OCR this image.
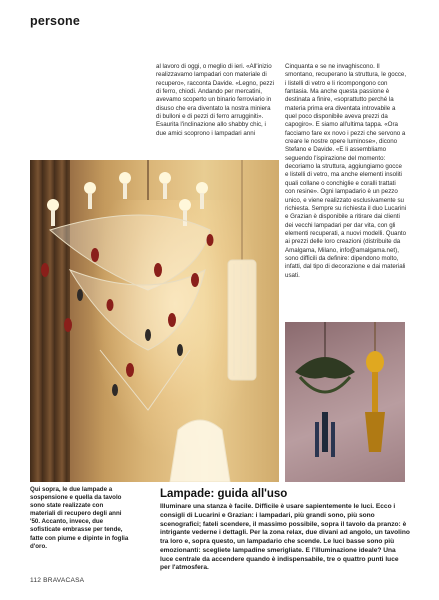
persone

al lavoro di oggi, o meglio di ieri. «All'inizio realizzavamo lampadari con materiale di recupero», racconta Davide. «Legno, pezzi di ferro, chiodi. Andando per mercatini, avevamo scoperto un binario ferroviario in disuso che era diventato la nostra miniera di bulloni e di pezzi di ferro arrugginiti». Esaurita l'inclinazione allo shabby chic, i due amici scoprono i lampadari anni

Cinquanta e se ne invaghiscono. Il smontano, recuperano la struttura, le gocce, i listelli di vetro e li ricompongono con fantasia. Ma anche questa passione è destinata a finire, «soprattutto perché la materia prima era diventata introvabile a quel poco disponibile aveva prezzi da capogiro». E siamo all'ultima tappa. «Ora facciamo fare ex novo i pezzi che servono a creare le nostre opere luminose», dicono Stefano e Davide. «E li assembliamo seguendo l'ispirazione del momento: decoriamo la struttura, aggiungiamo gocce e listelli di vetro, ma anche elementi insoliti quali collane o conchiglie e coralli trattati con resine». Ogni lampadario è un pezzo unico, e viene realizzato esclusivamente su richiesta. Sempre su richiesta il duo Lucarini e Grazian è disponibile a ritirare dai clienti dei vecchi lampadari per dar vita, con gli elementi recuperati, a nuovi modelli. Quanto ai prezzi delle loro creazioni (distribuite da Amalgama, Milano, info@amalgama.net), sono difficili da definire: dipendono molto, infatti, dal tipo di decorazione e dai materiali usati.

Qui sopra, le due lampade a sospensione e quella da tavolo sono state realizzate con materiali di recupero degli anni '50. Accanto, invece, due sofisticate embrasse per tende, fatte con piume e dipinte in foglia d'oro.
Lampade: guida all'uso
Illuminare una stanza è facile. Difficile è usare sapientemente le luci. Ecco i consigli di Lucarini e Grazian: i lampadari, più grandi sono, più sono scenografici; fateli scendere, il massimo possibile, sopra il tavolo da pranzo: è intrigante vederne i dettagli. Per la zona relax, due divani ad angolo, un tavolino tra loro e, sopra questo, un lampadario che scende. Le luci basse sono più emozionanti: scegliete lampadine smerigliate. E l'illuminazione ideale? Una luce centrale da accendere quando è indispensabile, tre o quattro punti luce per l'atmosfera.
112 BRAVACASA
